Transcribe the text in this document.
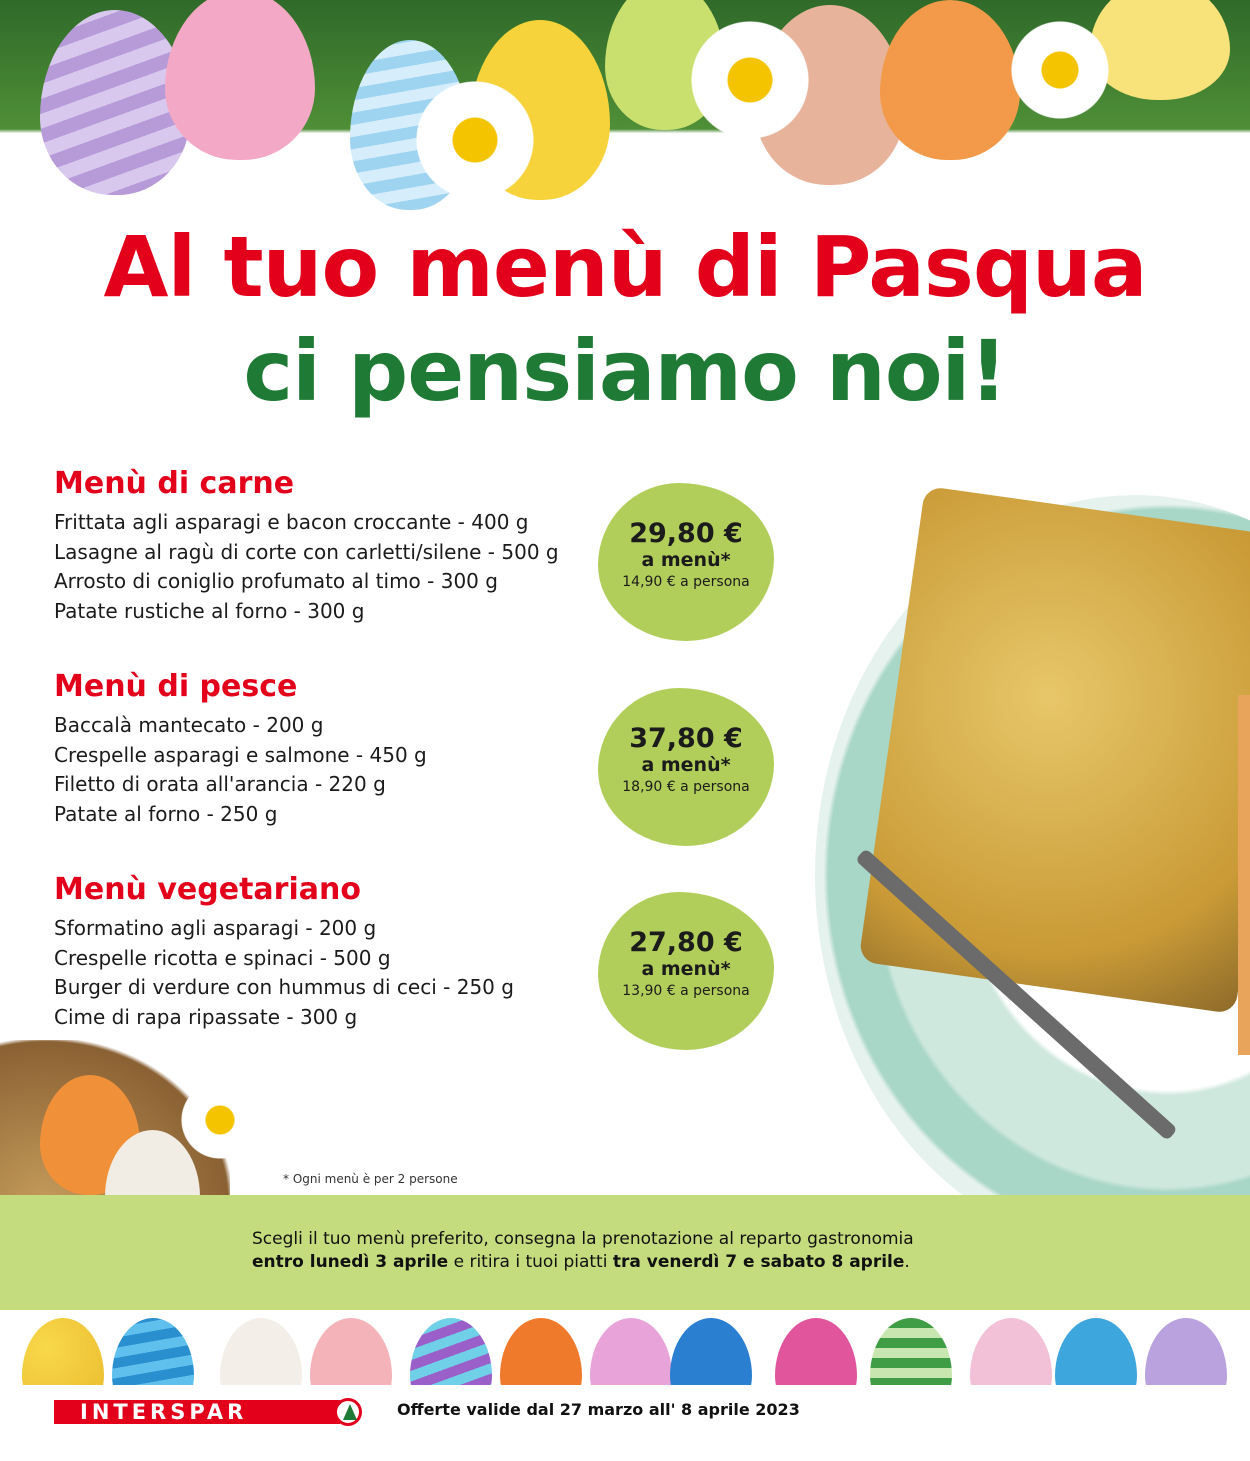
Al tuo menù di Pasqua
ci pensiamo noi!

Menù di carne

Frittata agli asparagi e bacon croccante - 400 g

Lasagne al ragù di corte con carletti/silene - 500 g

Arrosto di coniglio profumato al timo - 300 g

Patate rustiche al forno - 300 g

29,80 €
a menù*
14,90 € a persona

Menù di pesce

Baccalà mantecato - 200 g

Crespelle asparagi e salmone - 450 g

Filetto di orata all'arancia - 220 g

Patate al forno - 250 g

37,80 €
a menù*
18,90 € a persona

Menù vegetariano

Sformatino agli asparagi - 200 g

Crespelle ricotta e spinaci - 500 g

Burger di verdure con hummus di ceci - 250 g

Cime di rapa ripassate - 300 g

27,80 €
a menù*
13,90 € a persona
* Ogni menù è per 2 persone

Scegli il tuo menù preferito, consegna la prenotazione al reparto gastronomia
entro lunedì 3 aprile e ritira i tuoi piatti tra venerdì 7 e sabato 8 aprile.

INTERSPAR	Offerte valide dal 27 marzo all' 8 aprile 2023
